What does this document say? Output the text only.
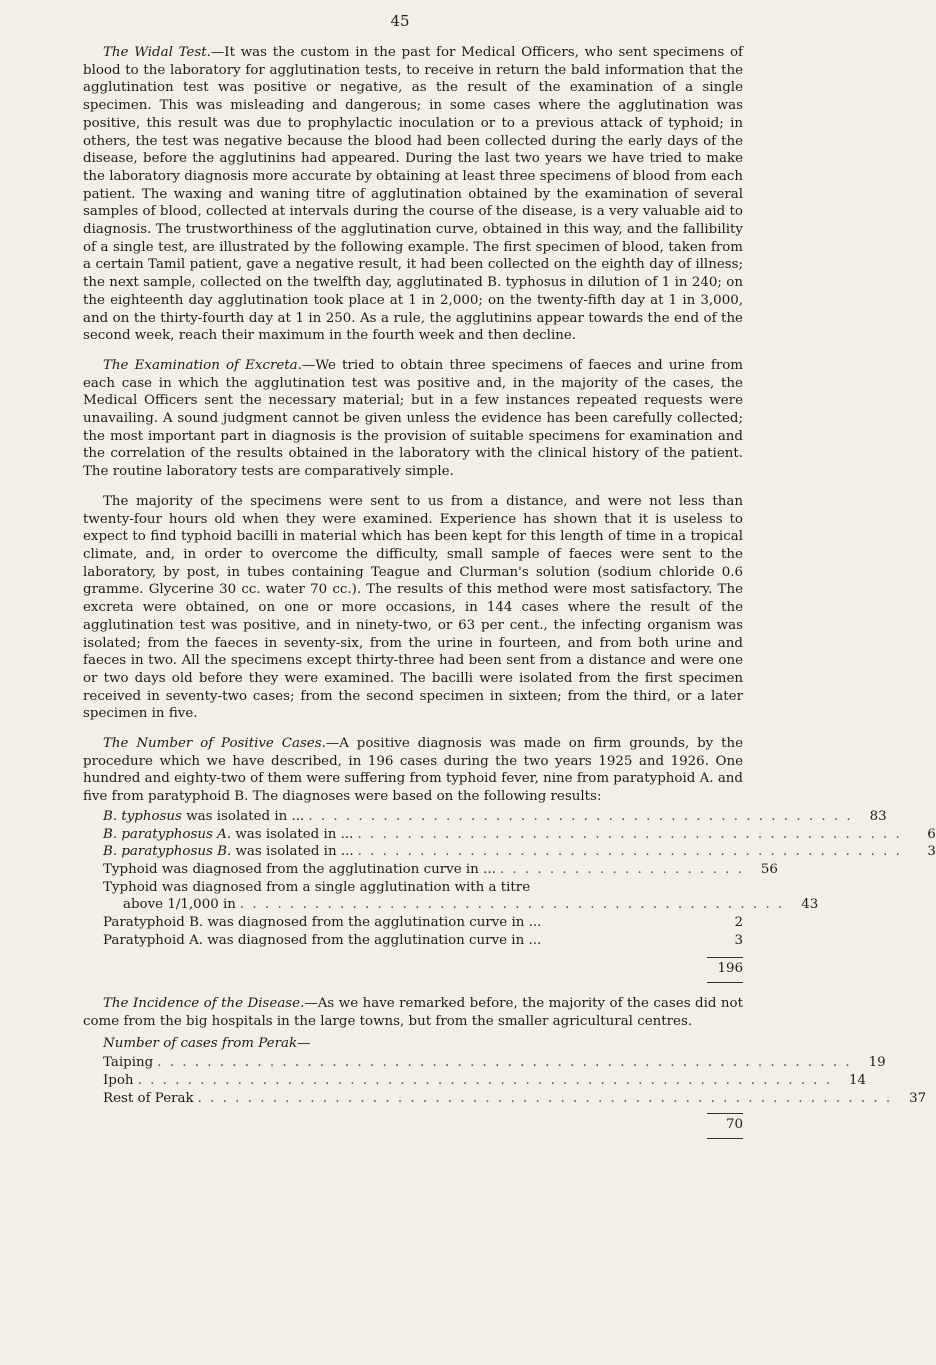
45

The Widal Test.—It was the custom in the past for Medical Officers, who sent specimens of blood to the laboratory for agglutination tests, to receive in return the bald information that the agglutination test was positive or negative, as the result of the examination of a single specimen. This was misleading and dangerous; in some cases where the agglutination was positive, this result was due to prophylactic inoculation or to a previous attack of typhoid; in others, the test was negative because the blood had been collected during the early days of the disease, before the agglutinins had appeared. During the last two years we have tried to make the laboratory diagnosis more accurate by obtaining at least three specimens of blood from each patient. The waxing and waning titre of agglutination obtained by the examination of several samples of blood, collected at intervals during the course of the disease, is a very valuable aid to diagnosis. The trustworthiness of the agglutination curve, obtained in this way, and the fallibility of a single test, are illustrated by the following example. The first specimen of blood, taken from a certain Tamil patient, gave a negative result, it had been collected on the eighth day of illness; the next sample, collected on the twelfth day, agglutinated B. typhosus in dilution of 1 in 240; on the eighteenth day agglutination took place at 1 in 2,000; on the twenty-fifth day at 1 in 3,000, and on the thirty-fourth day at 1 in 250. As a rule, the agglutinins appear towards the end of the second week, reach their maximum in the fourth week and then decline.

The Examination of Excreta.—We tried to obtain three specimens of faeces and urine from each case in which the agglutination test was positive and, in the majority of the cases, the Medical Officers sent the necessary material; but in a few instances repeated requests were unavailing. A sound judgment cannot be given unless the evidence has been carefully collected; the most important part in diagnosis is the provision of suitable specimens for examination and the correlation of the results obtained in the laboratory with the clinical history of the patient. The routine laboratory tests are comparatively simple.

The majority of the specimens were sent to us from a distance, and were not less than twenty-four hours old when they were examined. Experience has shown that it is useless to expect to find typhoid bacilli in material which has been kept for this length of time in a tropical climate, and, in order to overcome the difficulty, small sample of faeces were sent to the laboratory, by post, in tubes containing Teague and Clurman's solution (sodium chloride 0.6 gramme. Glycerine 30 cc. water 70 cc.). The results of this method were most satisfactory. The excreta were obtained, on one or more occasions, in 144 cases where the result of the agglutination test was positive, and in ninety-two, or 63 per cent., the infecting organism was isolated; from the faeces in seventy-six, from the urine in fourteen, and from both urine and faeces in two. All the specimens except thirty-three had been sent from a distance and were one or two days old before they were examined. The bacilli were isolated from the first specimen received in seventy-two cases; from the second specimen in sixteen; from the third, or a later specimen in five.

The Number of Positive Cases.—A positive diagnosis was made on firm grounds, by the procedure which we have described, in 196 cases during the two years 1925 and 1926. One hundred and eighty-two of them were suffering from typhoid fever, nine from paratyphoid A. and five from paratyphoid B. The diagnoses were based on the following results:

B. typhosus was isolated in ... . . . . . . . . . . . . . . . . . . . . . . . . . . . . . . . . . . . . . . . . . . . .	83
B. paratyphosus A. was isolated in ... . . . . . . . . . . . . . . . . . . . . . . . . . . . . . . . . . . . . . . . . . . . .	6
B. paratyphosus B. was isolated in ... . . . . . . . . . . . . . . . . . . . . . . . . . . . . . . . . . . . . . . . . . . . .	3
Typhoid was diagnosed from the agglutination curve in ... . . . . . . . . . . . . . . . . . . . .	56
Typhoid was diagnosed from a single agglutination with a titre
above 1/1,000 in . . . . . . . . . . . . . . . . . . . . . . . . . . . . . . . . . . . . . . . . . . . .	43
Paratyphoid B. was diagnosed from the agglutination curve in ...	2
Paratyphoid A. was diagnosed from the agglutination curve in ...	3
196

The Incidence of the Disease.—As we have remarked before, the majority of the cases did not come from the big hospitals in the large towns, but from the smaller agricultural centres.

Number of cases from Perak—
Taiping . . . . . . . . . . . . . . . . . . . . . . . . . . . . . . . . . . . . . . . . . . . . . . . . . . . . . . . .	19
Ipoh . . . . . . . . . . . . . . . . . . . . . . . . . . . . . . . . . . . . . . . . . . . . . . . . . . . . . . . .	14
Rest of Perak . . . . . . . . . . . . . . . . . . . . . . . . . . . . . . . . . . . . . . . . . . . . . . . . . . . . . . . .	37
70
